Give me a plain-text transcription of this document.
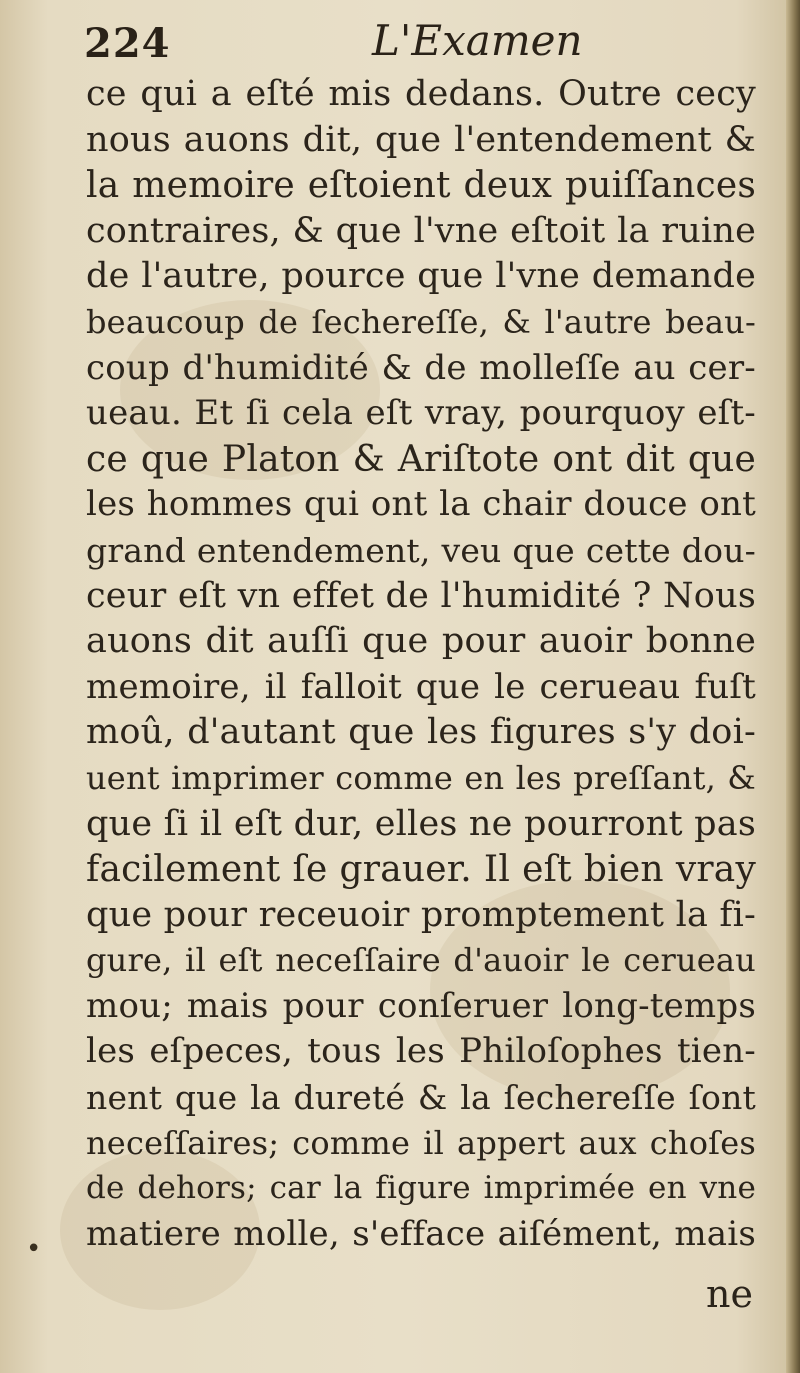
224	L'Examen
ce qui a eſté mis dedans. Outre cecy
nous auons dit, que l'entendement &
la memoire eſtoient deux puiſſances
contraires, & que l'vne eſtoit la ruine
de l'autre, pource que l'vne demande
beaucoup de ſechereſſe, & l'autre beau-
coup d'humidité & de molleſſe au cer-
ueau. Et ſi cela eſt vray, pourquoy eſt-
ce que Platon & Ariſtote ont dit que
les hommes qui ont la chair douce ont
grand entendement, veu que cette dou-
ceur eſt vn effet de l'humidité ? Nous
auons dit auſſi que pour auoir bonne
memoire, il falloit que le cerueau fuſt
moû, d'autant que les figures s'y doi-
uent imprimer comme en les preſſant, &
que ſi il eſt dur, elles ne pourront pas
facilement ſe grauer. Il eſt bien vray
que pour receuoir promptement la fi-
gure, il eſt neceſſaire d'auoir le cerueau
mou; mais pour conſeruer long-temps
les eſpeces, tous les Philoſophes tien-
nent que la dureté & la ſechereſſe ſont
neceſſaires; comme il appert aux choſes
de dehors; car la figure imprimée en vne
matiere molle, s'efface aiſément, mais
•
ne
